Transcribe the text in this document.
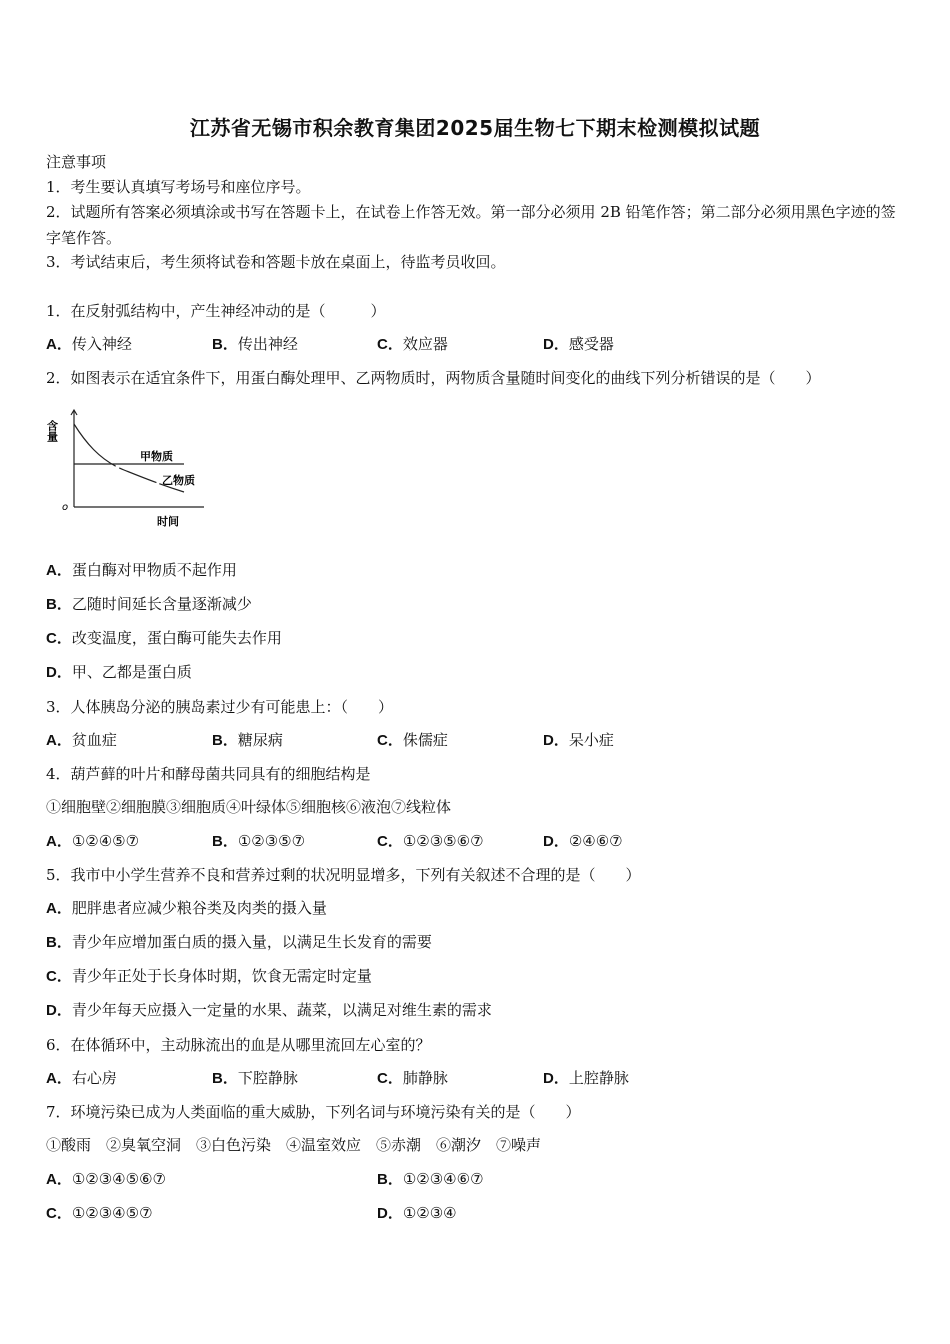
江苏省无锡市积余教育集团2025届生物七下期末检测模拟试题
注意事项
1．考生要认真填写考场号和座位序号。
2．试题所有答案必须填涂或书写在答题卡上，在试卷上作答无效。第一部分必须用 2B 铅笔作答；第二部分必须用黑色字迹的签字笔作答。
3．考试结束后，考生须将试卷和答题卡放在桌面上，待监考员收回。
1．在反射弧结构中，产生神经冲动的是（　　　）
A．传入神经	B．传出神经	C．效应器	D．感受器
2．如图表示在适宜条件下，用蛋白酶处理甲、乙两物质时，两物质含量随时间变化的曲线下列分析错误的是（　　）
含量
甲物质
乙物质
o
时间
A．蛋白酶对甲物质不起作用
B．乙随时间延长含量逐渐减少
C．改变温度，蛋白酶可能失去作用
D．甲、乙都是蛋白质
3．人体胰岛分泌的胰岛素过少有可能患上：（　　）
A．贫血症	B．糖尿病	C．侏儒症	D．呆小症
4．葫芦藓的叶片和酵母菌共同具有的细胞结构是
①细胞壁②细胞膜③细胞质④叶绿体⑤细胞核⑥液泡⑦线粒体
A．①②④⑤⑦	B．①②③⑤⑦	C．①②③⑤⑥⑦	D．②④⑥⑦
5．我市中小学生营养不良和营养过剩的状况明显增多，下列有关叙述不合理的是（　　）
A．肥胖患者应减少粮谷类及肉类的摄入量
B．青少年应增加蛋白质的摄入量，以满足生长发育的需要
C．青少年正处于长身体时期，饮食无需定时定量
D．青少年每天应摄入一定量的水果、蔬菜，以满足对维生素的需求
6．在体循环中，主动脉流出的血是从哪里流回左心室的？
A．右心房	B．下腔静脉	C．肺静脉	D．上腔静脉
7．环境污染已成为人类面临的重大威胁，下列名词与环境污染有关的是（　　）
①酸雨　②臭氧空洞　③白色污染　④温室效应　⑤赤潮　⑥潮汐　⑦噪声
A．①②③④⑤⑥⑦	B．①②③④⑥⑦
C．①②③④⑤⑦	D．①②③④
